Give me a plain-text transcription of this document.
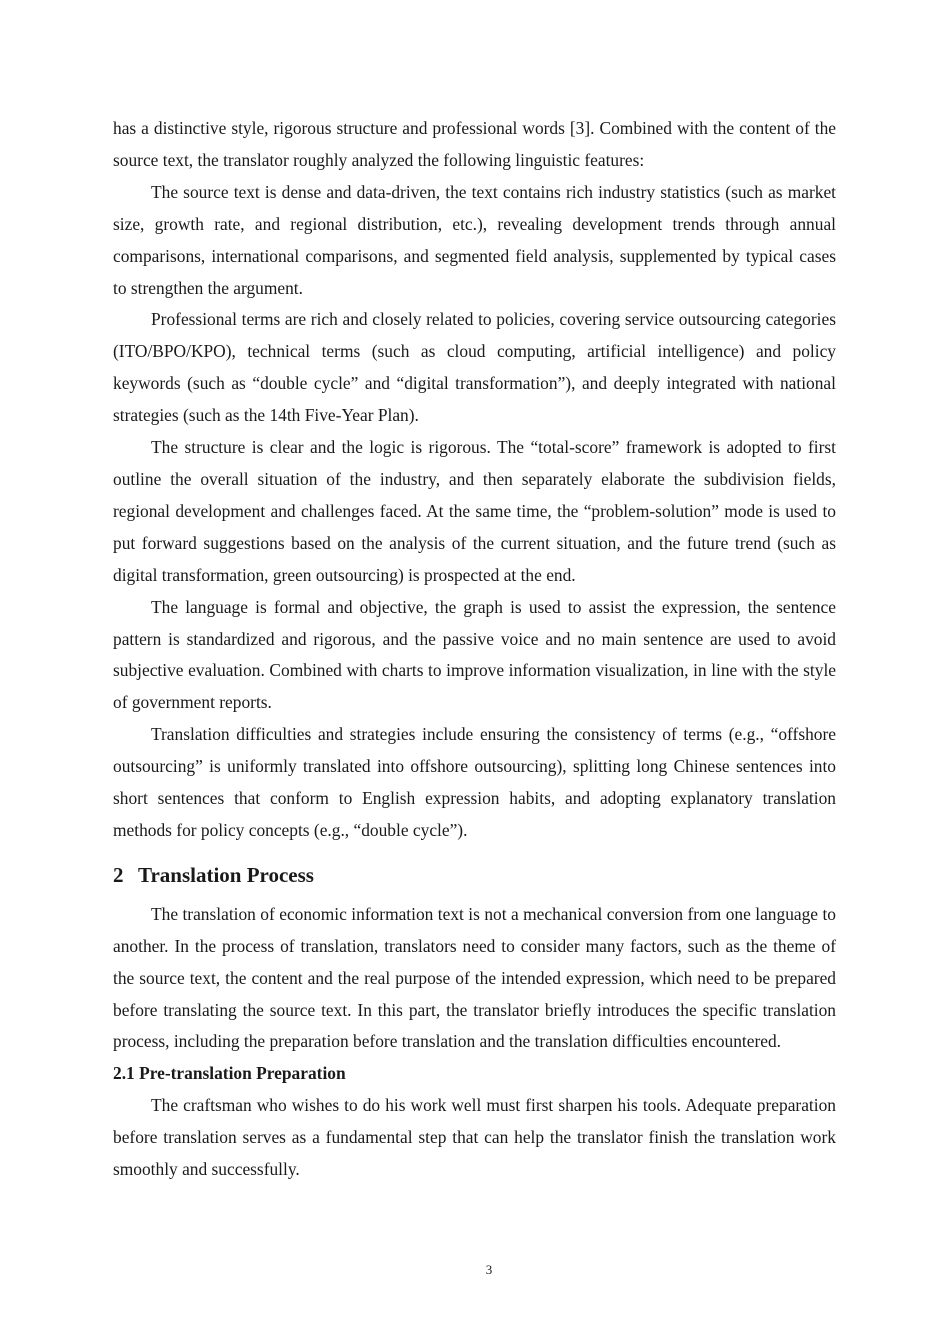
has a distinctive style, rigorous structure and professional words [3]. Combined with the content of the source text, the translator roughly analyzed the following linguistic features:

The source text is dense and data-driven, the text contains rich industry statistics (such as market size, growth rate, and regional distribution, etc.), revealing development trends through annual comparisons, international comparisons, and segmented field analysis, supplemented by typical cases to strengthen the argument.

Professional terms are rich and closely related to policies, covering service outsourcing categories (ITO/BPO/KPO), technical terms (such as cloud computing, artificial intelligence) and policy keywords (such as “double cycle” and “digital transformation”), and deeply integrated with national strategies (such as the 14th Five-Year Plan).

The structure is clear and the logic is rigorous. The “total-score” framework is adopted to first outline the overall situation of the industry, and then separately elaborate the subdivision fields, regional development and challenges faced. At the same time, the “problem-solution” mode is used to put forward suggestions based on the analysis of the current situation, and the future trend (such as digital transformation, green outsourcing) is prospected at the end.

The language is formal and objective, the graph is used to assist the expression, the sentence pattern is standardized and rigorous, and the passive voice and no main sentence are used to avoid subjective evaluation. Combined with charts to improve information visualization, in line with the style of government reports.

Translation difficulties and strategies include ensuring the consistency of terms (e.g., “offshore outsourcing” is uniformly translated into offshore outsourcing), splitting long Chinese sentences into short sentences that conform to English expression habits, and adopting explanatory translation methods for policy concepts (e.g., “double cycle”).

2 Translation Process

The translation of economic information text is not a mechanical conversion from one language to another. In the process of translation, translators need to consider many factors, such as the theme of the source text, the content and the real purpose of the intended expression, which need to be prepared before translating the source text. In this part, the translator briefly introduces the specific translation process, including the preparation before translation and the translation difficulties encountered.

2.1 Pre-translation Preparation

The craftsman who wishes to do his work well must first sharpen his tools. Adequate preparation before translation serves as a fundamental step that can help the translator finish the translation work smoothly and successfully.

3
